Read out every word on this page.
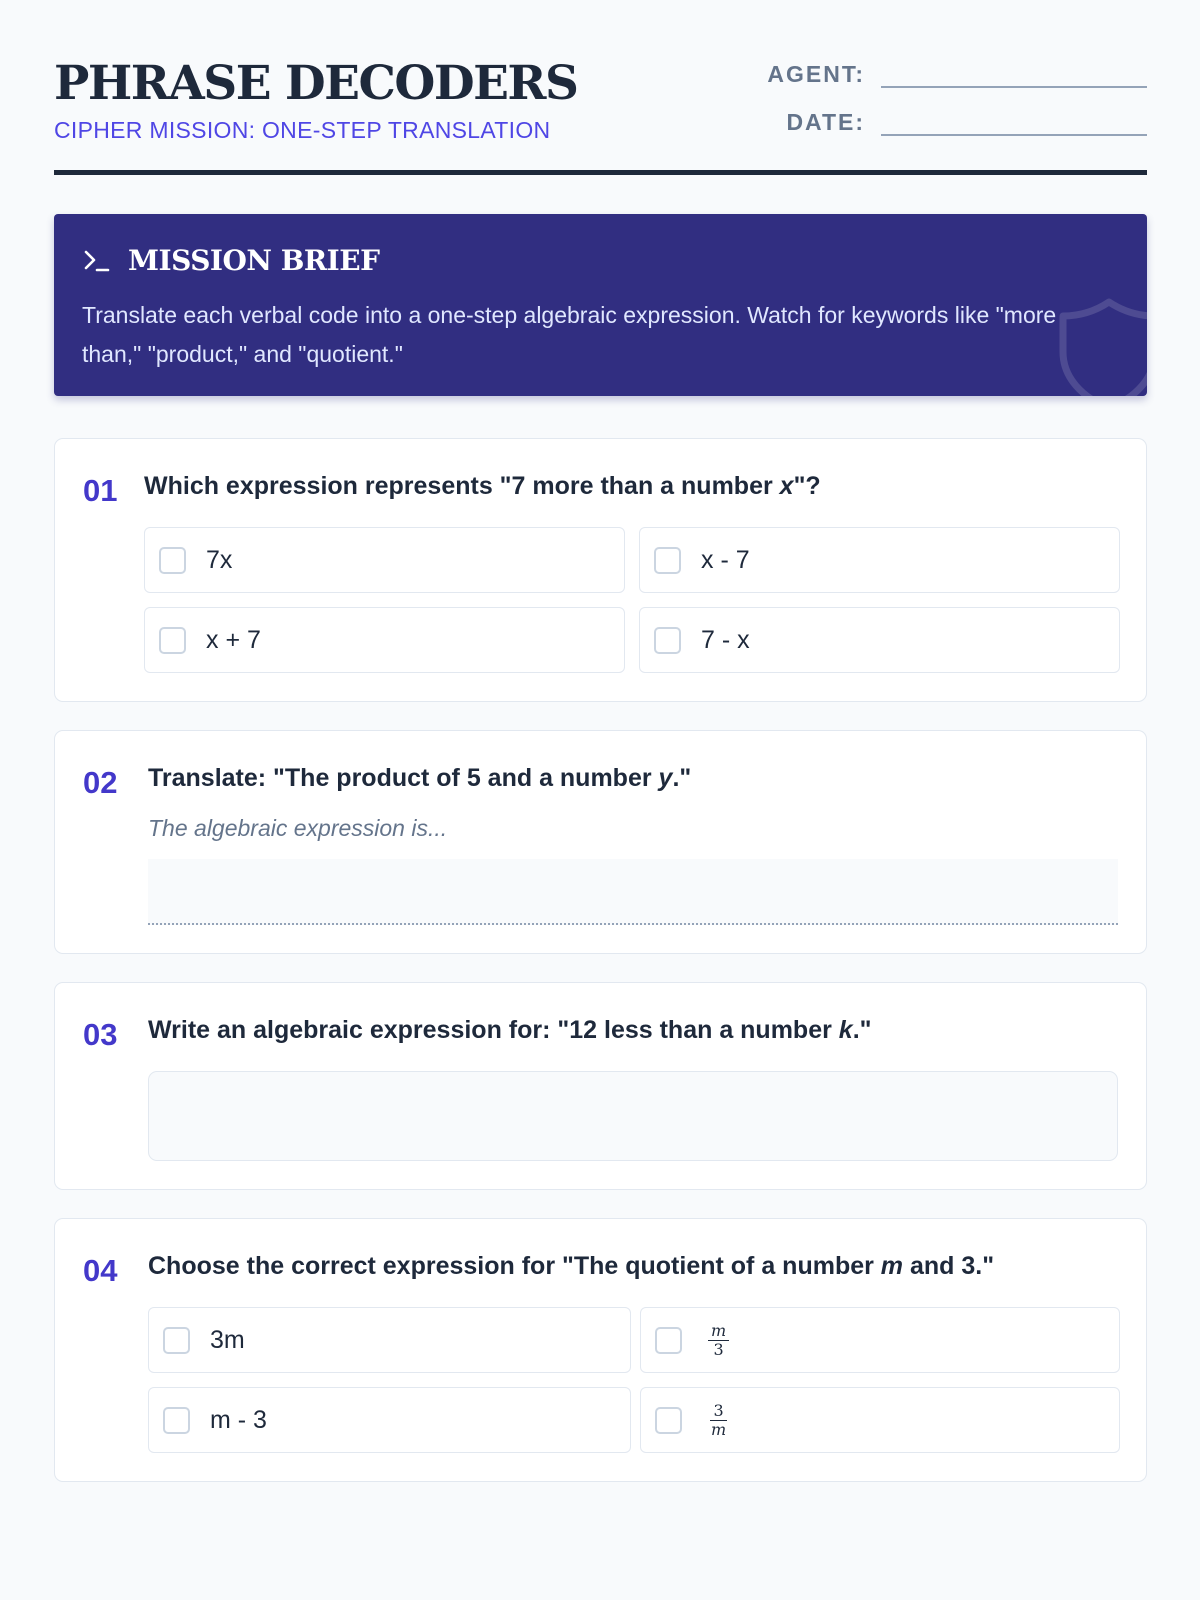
PHRASE DECODERS
CIPHER MISSION: ONE-STEP TRANSLATION
AGENT:
DATE:
MISSION BRIEF
Translate each verbal code into a one-step algebraic expression. Watch for keywords like "more than," "product," and "quotient."
01 Which expression represents "7 more than a number x"?
7x	x - 7
x + 7	7 - x
02 Translate: "The product of 5 and a number y."
The algebraic expression is...
03 Write an algebraic expression for: "12 less than a number k."
04 Choose the correct expression for "The quotient of a number m and 3."
3m	$\frac{m}{3}$
m - 3	$\frac{3}{m}$
